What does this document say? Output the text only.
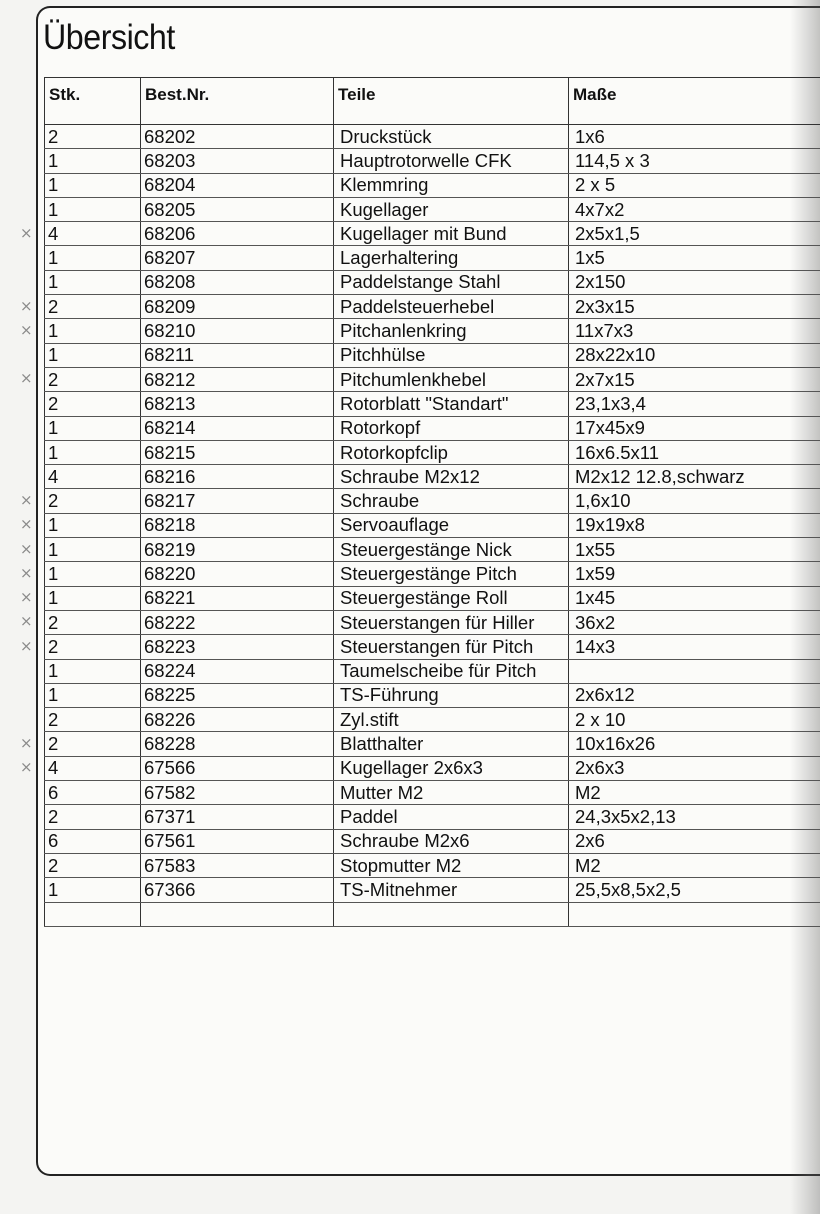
Übersicht
Stk.	Best.Nr.	Teile	Maße
2	68202	Druckstück	1x6
1	68203	Hauptrotorwelle CFK	114,5 x 3
1	68204	Klemmring	2 x 5
1	68205	Kugellager	4x7x2
4	68206	Kugellager mit Bund	2x5x1,5
1	68207	Lagerhaltering	1x5
1	68208	Paddelstange Stahl	2x150
2	68209	Paddelsteuerhebel	2x3x15
1	68210	Pitchanlenkring	11x7x3
1	68211	Pitchhülse	28x22x10
2	68212	Pitchumlenkhebel	2x7x15
2	68213	Rotorblatt "Standart"	23,1x3,4
1	68214	Rotorkopf	17x45x9
1	68215	Rotorkopfclip	16x6.5x11
4	68216	Schraube M2x12	M2x12 12.8,schwarz
2	68217	Schraube	1,6x10
1	68218	Servoauflage	19x19x8
1	68219	Steuergestänge Nick	1x55
1	68220	Steuergestänge Pitch	1x59
1	68221	Steuergestänge Roll	1x45
2	68222	Steuerstangen für Hiller	36x2
2	68223	Steuerstangen für Pitch	14x3
1	68224	Taumelscheibe für Pitch	
1	68225	TS-Führung	2x6x12
2	68226	Zyl.stift	2 x 10
2	68228	Blatthalter	10x16x26
4	67566	Kugellager 2x6x3	2x6x3
6	67582	Mutter M2	M2
2	67371	Paddel	24,3x5x2,13
6	67561	Schraube M2x6	2x6
2	67583	Stopmutter M2	M2
1	67366	TS-Mitnehmer	25,5x8,5x2,5

×
×
×
×
×
×
×
×
×
×
×
×
×
